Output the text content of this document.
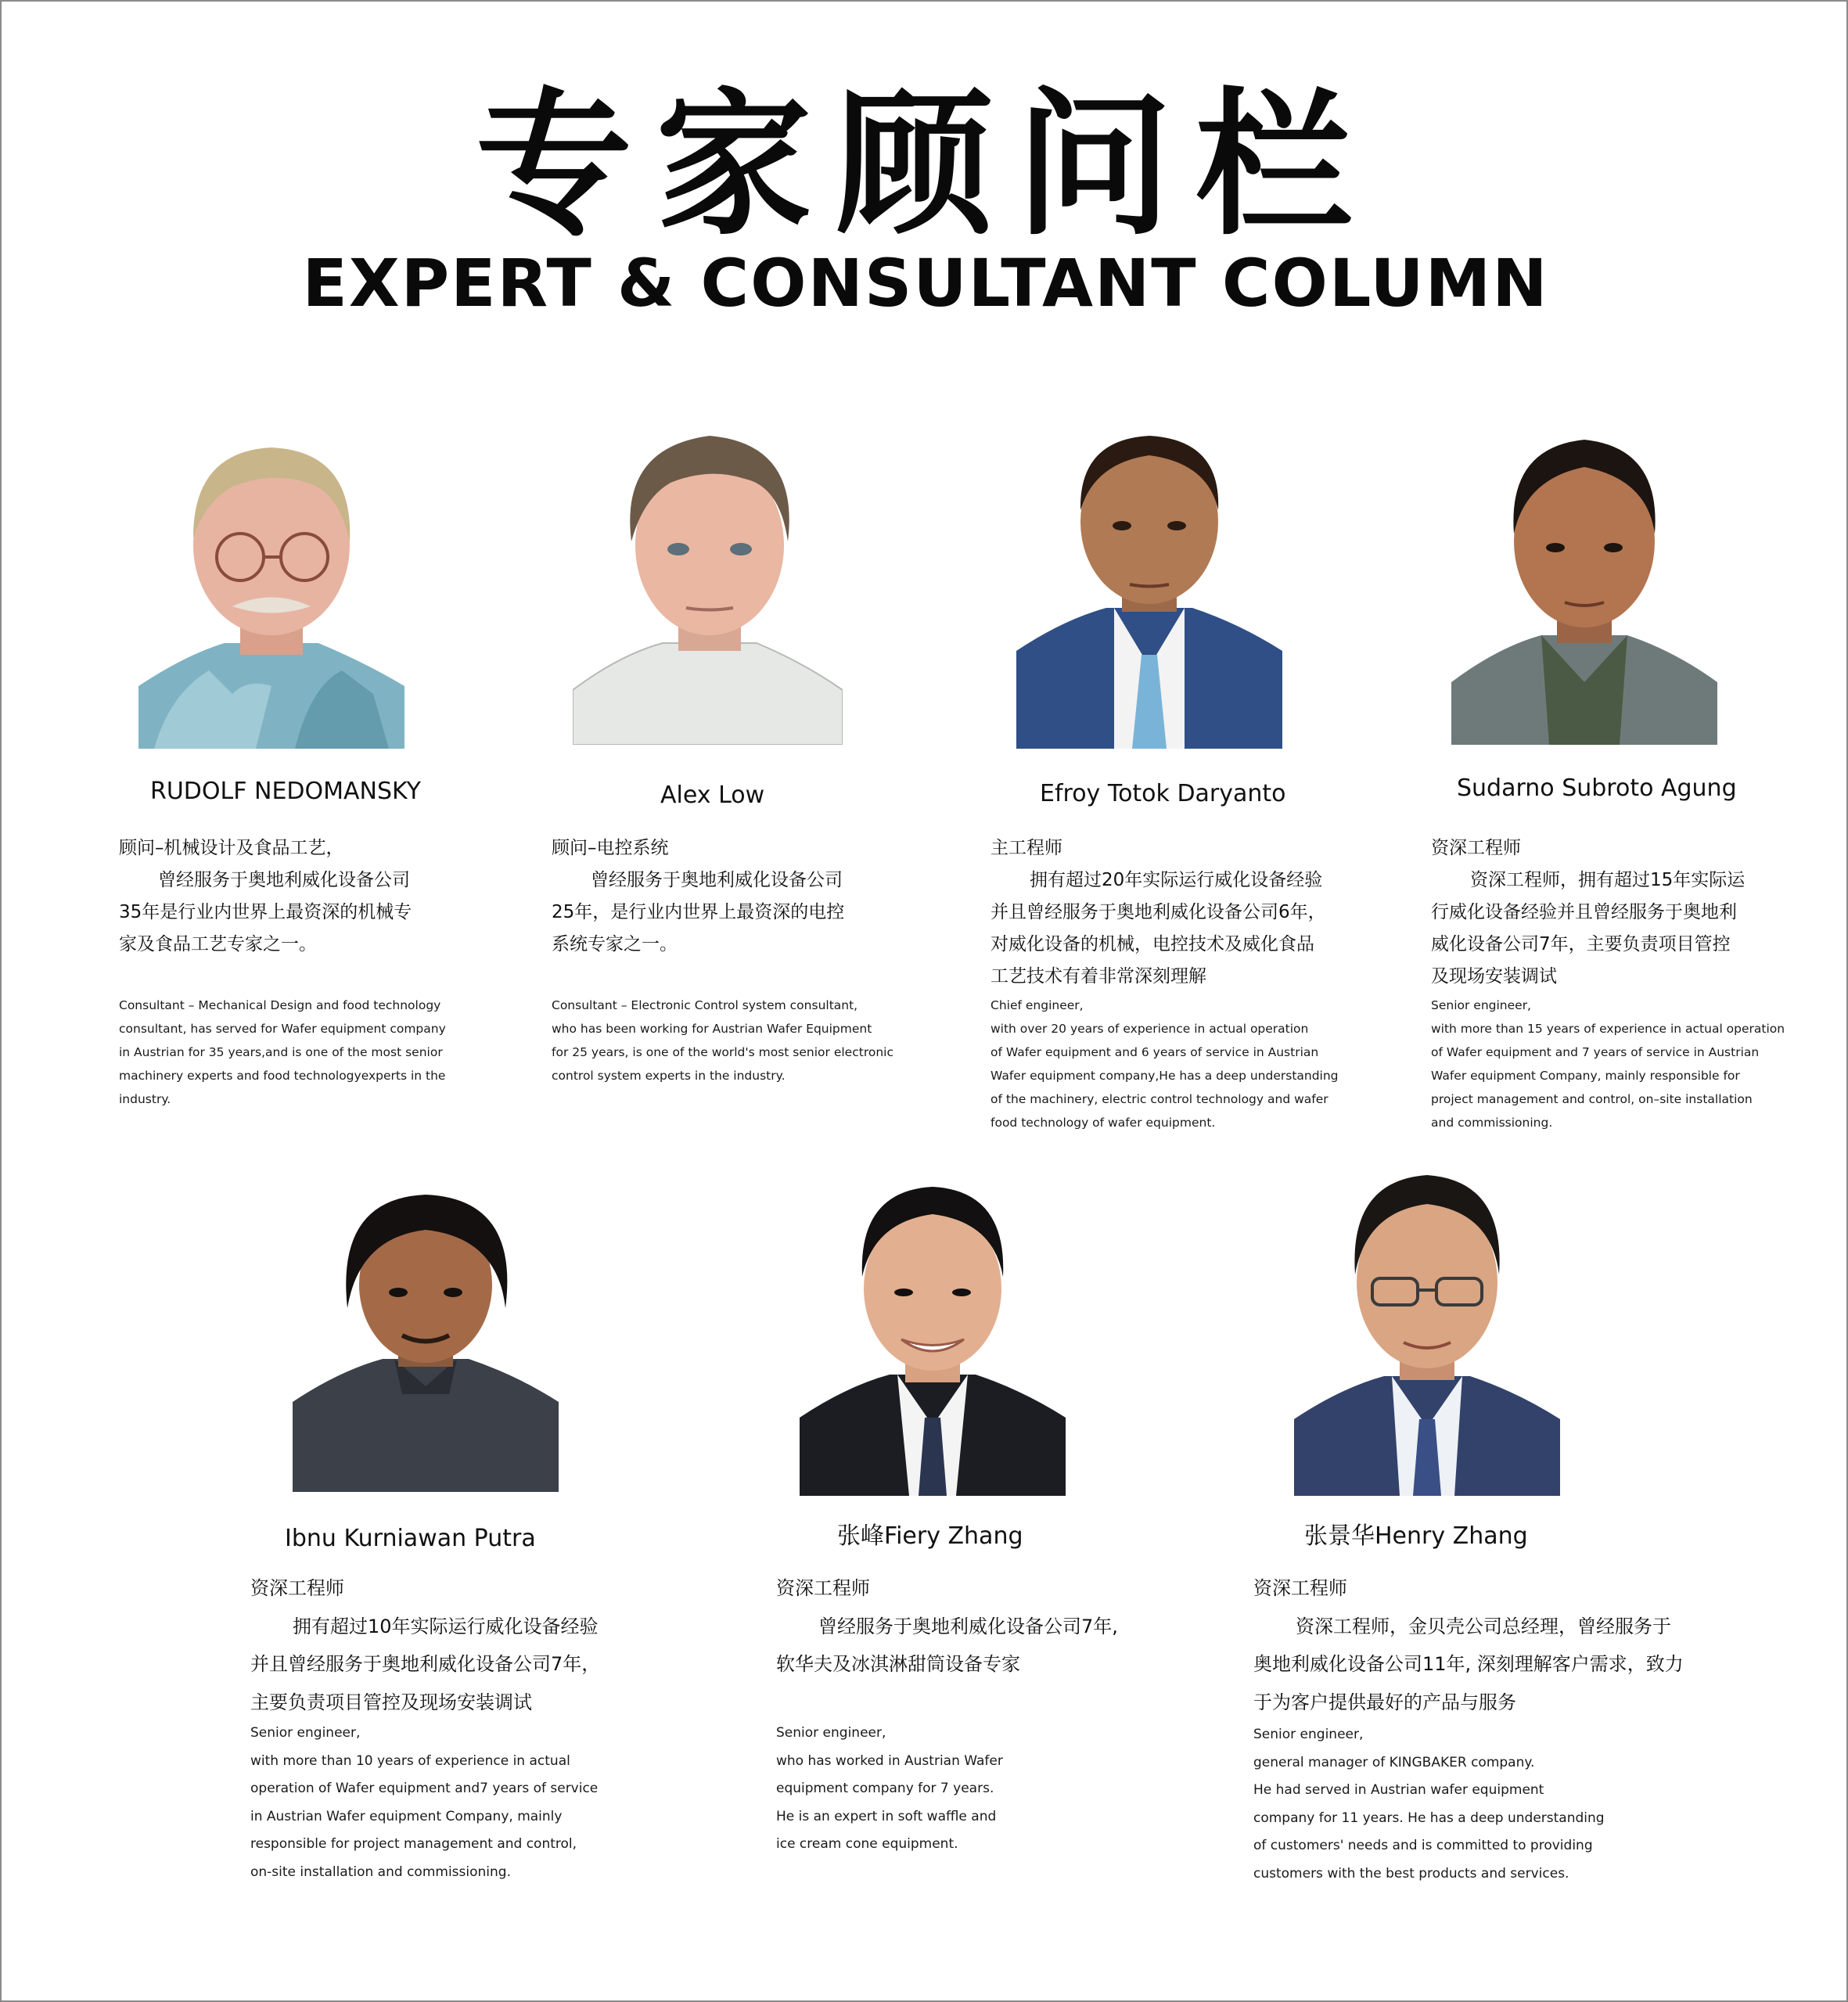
专家顾问栏
EXPERT & CONSULTANT COLUMN
RUDOLF NEDOMANSKY
顾问–机械设计及食品工艺，
曾经服务于奥地利威化设备公司
35年是行业内世界上最资深的机械专
家及食品工艺专家之一。
Consultant – Mechanical Design and food technology
consultant, has served for Wafer equipment company
in Austrian for 35 years,and is one of the most senior
machinery experts and food technologyexperts in the
industry.
Alex Low
顾问–电控系统
曾经服务于奥地利威化设备公司
25年，是行业内世界上最资深的电控
系统专家之一。
Consultant – Electronic Control system consultant,
who has been working for Austrian Wafer Equipment
for 25 years, is one of the world's most senior electronic
control system experts in the industry.
Efroy Totok Daryanto
主工程师
拥有超过20年实际运行威化设备经验
并且曾经服务于奥地利威化设备公司6年，
对威化设备的机械，电控技术及威化食品
工艺技术有着非常深刻理解
Chief engineer,
with over 20 years of experience in actual operation
of Wafer equipment and 6 years of service in Austrian
Wafer equipment company,He has a deep understanding
of the machinery, electric control technology and wafer
food technology of wafer equipment.
Sudarno Subroto Agung
资深工程师
资深工程师，拥有超过15年实际运
行威化设备经验并且曾经服务于奥地利
威化设备公司7年，主要负责项目管控
及现场安装调试
Senior engineer,
with more than 15 years of experience in actual operation
of Wafer equipment and 7 years of service in Austrian
Wafer equipment Company, mainly responsible for
project management and control, on–site installation
and commissioning.
Ibnu Kurniawan Putra
资深工程师
拥有超过10年实际运行威化设备经验
并且曾经服务于奥地利威化设备公司7年，
主要负责项目管控及现场安装调试
Senior engineer,
with more than 10 years of experience in actual
operation of Wafer equipment and7 years of service
in Austrian Wafer equipment Company, mainly
responsible for project management and control,
on-site installation and commissioning.
张峰Fiery Zhang
资深工程师
曾经服务于奥地利威化设备公司7年,
软华夫及冰淇淋甜筒设备专家
Senior engineer,
who has worked in Austrian Wafer
equipment company for 7 years.
He is an expert in soft waffle and
ice cream cone equipment.
张景华Henry Zhang
资深工程师
资深工程师，金贝壳公司总经理，曾经服务于
奥地利威化设备公司11年, 深刻理解客户需求，致力
于为客户提供最好的产品与服务
Senior engineer,
general manager of KINGBAKER company.
He had served in Austrian wafer equipment
company for 11 years. He has a deep understanding
of customers' needs and is committed to providing
customers with the best products and services.
